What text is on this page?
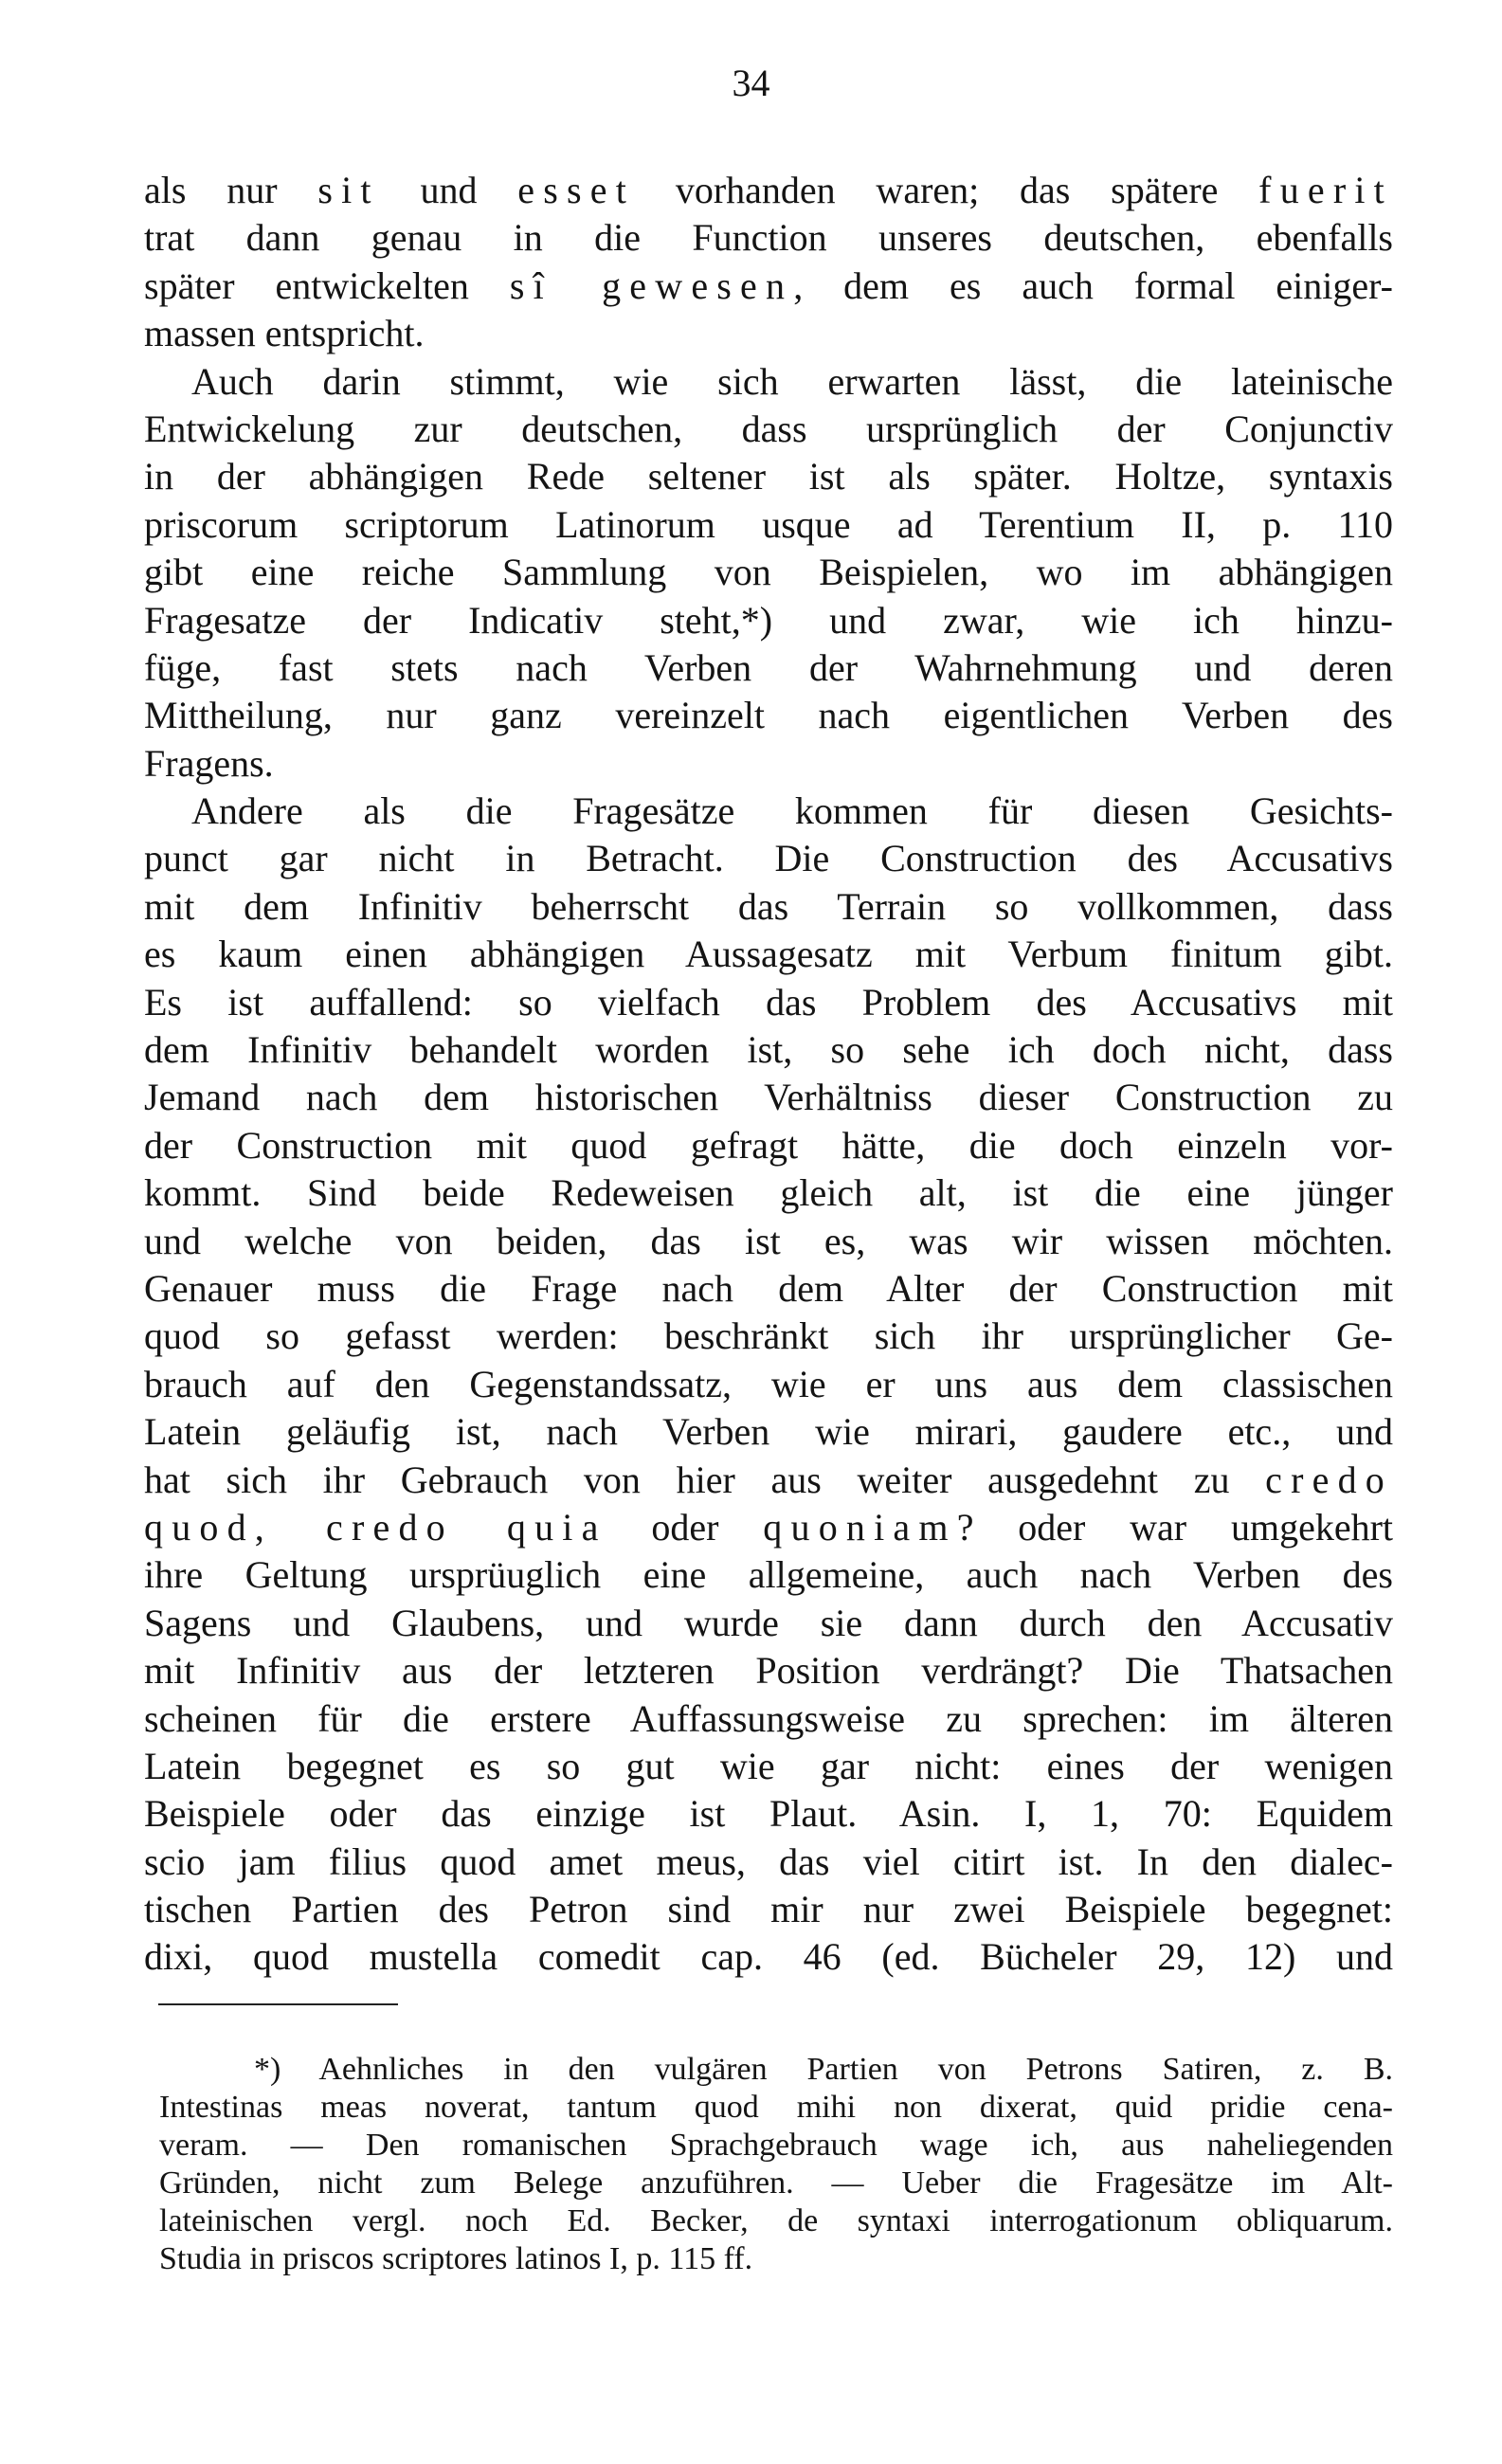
34
als nur sit und esset vorhanden waren; das spätere fuerit
trat dann genau in die Function unseres deutschen, ebenfalls
später entwickelten sî gewesen, dem es auch formal einiger-
massen entspricht.
Auch darin stimmt, wie sich erwarten lässt, die lateinische
Entwickelung zur deutschen, dass ursprünglich der Conjunctiv
in der abhängigen Rede seltener ist als später. Holtze, syntaxis
priscorum scriptorum Latinorum usque ad Terentium II, p. 110
gibt eine reiche Sammlung von Beispielen, wo im abhängigen
Fragesatze der Indicativ steht,*) und zwar, wie ich hinzu-
füge, fast stets nach Verben der Wahrnehmung und deren
Mittheilung, nur ganz vereinzelt nach eigentlichen Verben des
Fragens.
Andere als die Fragesätze kommen für diesen Gesichts-
punct gar nicht in Betracht. Die Construction des Accusativs
mit dem Infinitiv beherrscht das Terrain so vollkommen, dass
es kaum einen abhängigen Aussagesatz mit Verbum finitum gibt.
Es ist auffallend: so vielfach das Problem des Accusativs mit
dem Infinitiv behandelt worden ist, so sehe ich doch nicht, dass
Jemand nach dem historischen Verhältniss dieser Construction zu
der Construction mit quod gefragt hätte, die doch einzeln vor-
kommt. Sind beide Redeweisen gleich alt, ist die eine jünger
und welche von beiden, das ist es, was wir wissen möchten.
Genauer muss die Frage nach dem Alter der Construction mit
quod so gefasst werden: beschränkt sich ihr ursprünglicher Ge-
brauch auf den Gegenstandssatz, wie er uns aus dem classischen
Latein geläufig ist, nach Verben wie mirari, gaudere etc., und
hat sich ihr Gebrauch von hier aus weiter ausgedehnt zu credo
quod, credo quia oder quoniam? oder war umgekehrt
ihre Geltung ursprüuglich eine allgemeine, auch nach Verben des
Sagens und Glaubens, und wurde sie dann durch den Accusativ
mit Infinitiv aus der letzteren Position verdrängt? Die Thatsachen
scheinen für die erstere Auffassungsweise zu sprechen: im älteren
Latein begegnet es so gut wie gar nicht: eines der wenigen
Beispiele oder das einzige ist Plaut. Asin. I, 1, 70: Equidem
scio jam filius quod amet meus, das viel citirt ist. In den dialec-
tischen Partien des Petron sind mir nur zwei Beispiele begegnet:
dixi, quod mustella comedit cap. 46 (ed. Bücheler 29, 12) und
*) Aehnliches in den vulgären Partien von Petrons Satiren, z. B.
Intestinas meas noverat, tantum quod mihi non dixerat, quid pridie cena-
veram. — Den romanischen Sprachgebrauch wage ich, aus naheliegenden
Gründen, nicht zum Belege anzuführen. — Ueber die Fragesätze im Alt-
lateinischen vergl. noch Ed. Becker, de syntaxi interrogationum obliquarum.
Studia in priscos scriptores latinos I, p. 115 ff.
